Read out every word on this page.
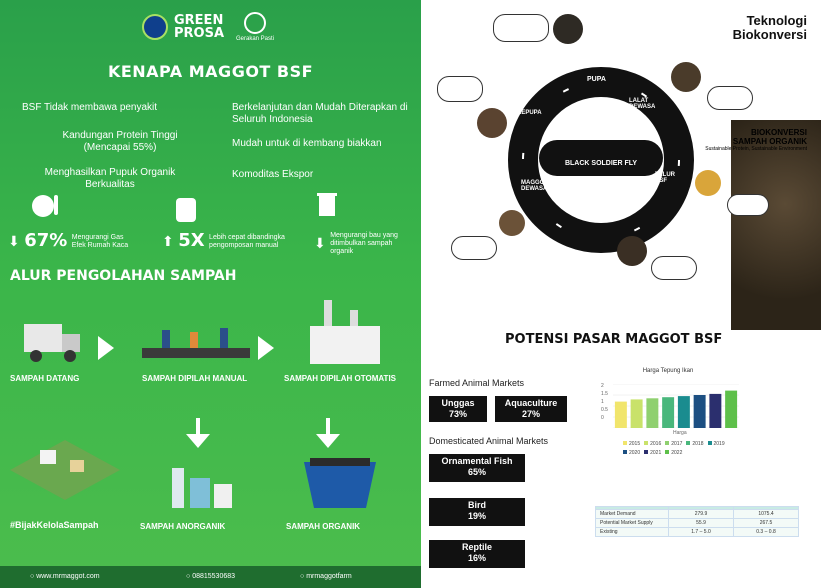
GREEN
PROSA Gerakan Pasti
KENAPA MAGGOT BSF
BSF Tidak membawa penyakit
Kandungan Protein Tinggi (Mencapai 55%)
Menghasilkan Pupuk Organik Berkualitas
Berkelanjutan dan Mudah Diterapkan di Seluruh Indonesia
Mudah untuk di kembang biakkan
Komoditas Ekspor
⬇ 67% Mengurangi Gas Efek Rumah Kaca	⬆ 5X Lebih cepat dibandingka pengomposan manual	⬇ Mengurangi bau yang ditimbulkan sampah organik
ALUR PENGOLAHAN SAMPAH
SAMPAH DATANG	SAMPAH DIPILAH MANUAL	SAMPAH DIPILAH OTOMATIS
#BijakKelolaSampah	SAMPAH ANORGANIK	SAMPAH ORGANIK
○ www.mrmaggot.com	○ 08815530683	○ mrmaggotfarm
Teknologi
Biokonversi
BLACK SOLDIER FLY
PUPA
LALAT DEWASA
TELUR BSF
5 DOL
MAGGOT DEWASA
PREPUPA
BIOKONVERSI
SAMPAH ORGANIK
Sustainable Protein, Sustainable Environment
POTENSI PASAR MAGGOT BSF
Farmed Animal Markets
Unggas
73%
Aquaculture
27%
Domesticated Animal Markets
Ornamental Fish
65%
Bird
19%
Reptile
16%
Harga Tepung Ikan
2
1.5
1
0.5
0
Harga
2015 2016 2017 2018 20192020 2021 2022

Market Demand	279.9	1075.4
Potential Market Supply	55.9	267.5
Existing	1.7 – 5.0	0.3 – 0.8
